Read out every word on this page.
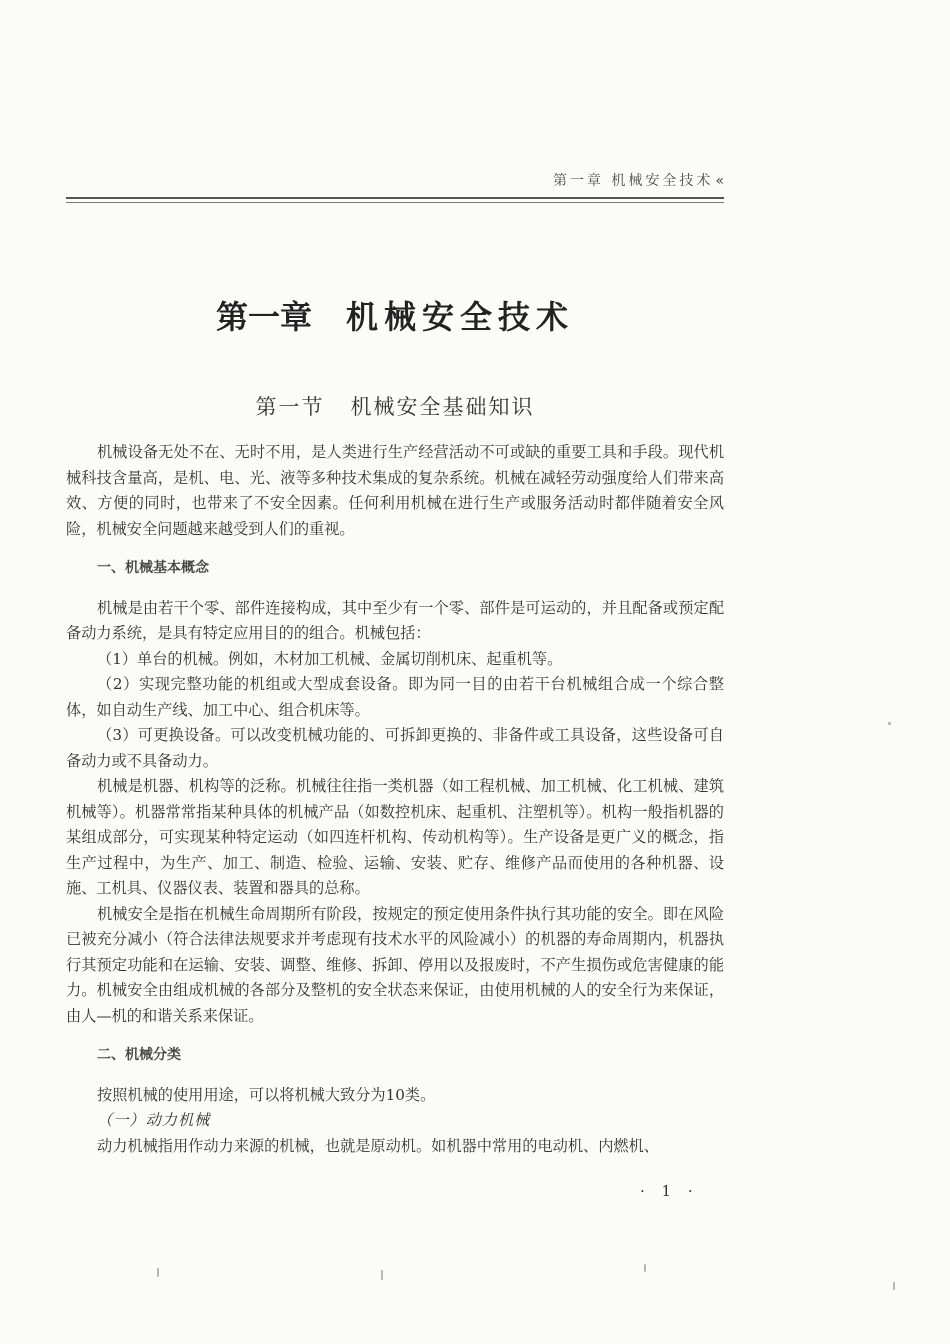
第一章 机械安全技术 «
第一章 机械安全技术
第一节 机械安全基础知识

机械设备无处不在、无时不用，是人类进行生产经营活动不可或缺的重要工具和手段。现代机械科技含量高，是机、电、光、液等多种技术集成的复杂系统。机械在减轻劳动强度给人们带来高效、方便的同时，也带来了不安全因素。任何利用机械在进行生产或服务活动时都伴随着安全风险，机械安全问题越来越受到人们的重视。

一、机械基本概念

机械是由若干个零、部件连接构成，其中至少有一个零、部件是可运动的，并且配备或预定配备动力系统，是具有特定应用目的的组合。机械包括：

（1）单台的机械。例如，木材加工机械、金属切削机床、起重机等。

（2）实现完整功能的机组或大型成套设备。即为同一目的由若干台机械组合成一个综合整体，如自动生产线、加工中心、组合机床等。

（3）可更换设备。可以改变机械功能的、可拆卸更换的、非备件或工具设备，这些设备可自备动力或不具备动力。

机械是机器、机构等的泛称。机械往往指一类机器（如工程机械、加工机械、化工机械、建筑机械等）。机器常常指某种具体的机械产品（如数控机床、起重机、注塑机等）。机构一般指机器的某组成部分，可实现某种特定运动（如四连杆机构、传动机构等）。生产设备是更广义的概念，指生产过程中，为生产、加工、制造、检验、运输、安装、贮存、维修产品而使用的各种机器、设施、工机具、仪器仪表、装置和器具的总称。

机械安全是指在机械生命周期所有阶段，按规定的预定使用条件执行其功能的安全。即在风险已被充分减小（符合法律法规要求并考虑现有技术水平的风险减小）的机器的寿命周期内，机器执行其预定功能和在运输、安装、调整、维修、拆卸、停用以及报废时，不产生损伤或危害健康的能力。机械安全由组成机械的各部分及整机的安全状态来保证，由使用机械的人的安全行为来保证，由人—机的和谐关系来保证。

二、机械分类

按照机械的使用用途，可以将机械大致分为10类。

（一）动力机械

动力机械指用作动力来源的机械，也就是原动机。如机器中常用的电动机、内燃机、

· 1 ·
